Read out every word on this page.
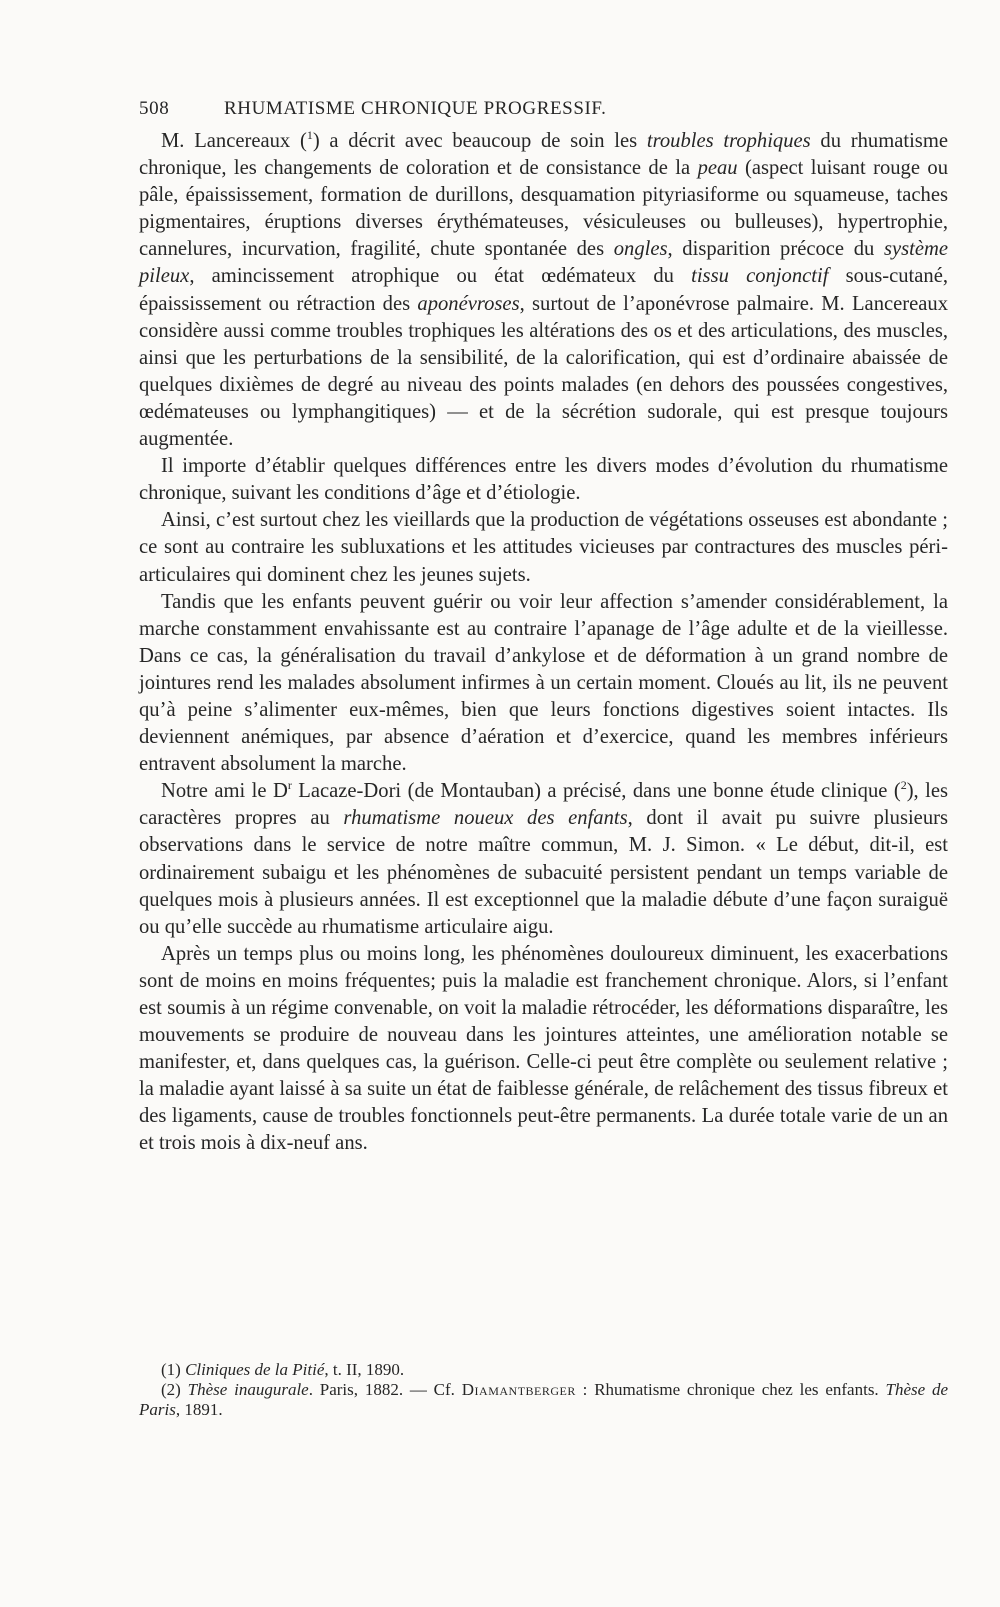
508	RHUMATISME CHRONIQUE PROGRESSIF.

M. Lancereaux ($^1$) a décrit avec beaucoup de soin les troubles trophiques du rhumatisme chronique, les changements de coloration et de consistance de la peau (aspect luisant rouge ou pâle, épaississement, formation de durillons, desquamation pityriasiforme ou squameuse, taches pigmentaires, éruptions diverses érythémateuses, vésiculeuses ou bulleuses), hypertrophie, cannelures, incurvation, fragilité, chute spontanée des ongles, disparition précoce du système pileux, amincissement atrophique ou état œdémateux du tissu conjonctif sous-cutané, épaississement ou rétraction des aponévroses, surtout de l’aponévrose palmaire. M. Lancereaux considère aussi comme troubles trophiques les altérations des os et des articulations, des muscles, ainsi que les perturbations de la sensibilité, de la calorification, qui est d’ordinaire abaissée de quelques dixièmes de degré au niveau des points malades (en dehors des poussées congestives, œdémateuses ou lymphangitiques) — et de la sécrétion sudorale, qui est presque toujours augmentée.

Il importe d’établir quelques différences entre les divers modes d’évolution du rhumatisme chronique, suivant les conditions d’âge et d’étiologie.

Ainsi, c’est surtout chez les vieillards que la production de végétations osseuses est abondante ; ce sont au contraire les subluxations et les attitudes vicieuses par contractures des muscles péri-articulaires qui dominent chez les jeunes sujets.

Tandis que les enfants peuvent guérir ou voir leur affection s’amender considérablement, la marche constamment envahissante est au contraire l’apanage de l’âge adulte et de la vieillesse. Dans ce cas, la généralisation du travail d’ankylose et de déformation à un grand nombre de jointures rend les malades absolument infirmes à un certain moment. Cloués au lit, ils ne peuvent qu’à peine s’alimenter eux-mêmes, bien que leurs fonctions digestives soient intactes. Ils deviennent anémiques, par absence d’aération et d’exercice, quand les membres inférieurs entravent absolument la marche.

Notre ami le $D^r$ Lacaze-Dori (de Montauban) a précisé, dans une bonne étude clinique ($^2$), les caractères propres au rhumatisme noueux des enfants, dont il avait pu suivre plusieurs observations dans le service de notre maître commun, M. J. Simon. « Le début, dit-il, est ordinairement subaigu et les phénomènes de subacuité persistent pendant un temps variable de quelques mois à plusieurs années. Il est exceptionnel que la maladie débute d’une façon suraiguë ou qu’elle succède au rhumatisme articulaire aigu.

Après un temps plus ou moins long, les phénomènes douloureux diminuent, les exacerbations sont de moins en moins fréquentes; puis la maladie est franchement chronique. Alors, si l’enfant est soumis à un régime convenable, on voit la maladie rétrocéder, les déformations disparaître, les mouvements se produire de nouveau dans les jointures atteintes, une amélioration notable se manifester, et, dans quelques cas, la guérison. Celle-ci peut être complète ou seulement relative ; la maladie ayant laissé à sa suite un état de faiblesse générale, de relâchement des tissus fibreux et des ligaments, cause de troubles fonctionnels peut-être permanents. La durée totale varie de un an et trois mois à dix-neuf ans.

(1) Cliniques de la Pitié, t. II, 1890.

(2) Thèse inaugurale. Paris, 1882. — Cf. Diamantberger : Rhumatisme chronique chez les enfants. Thèse de Paris, 1891.
